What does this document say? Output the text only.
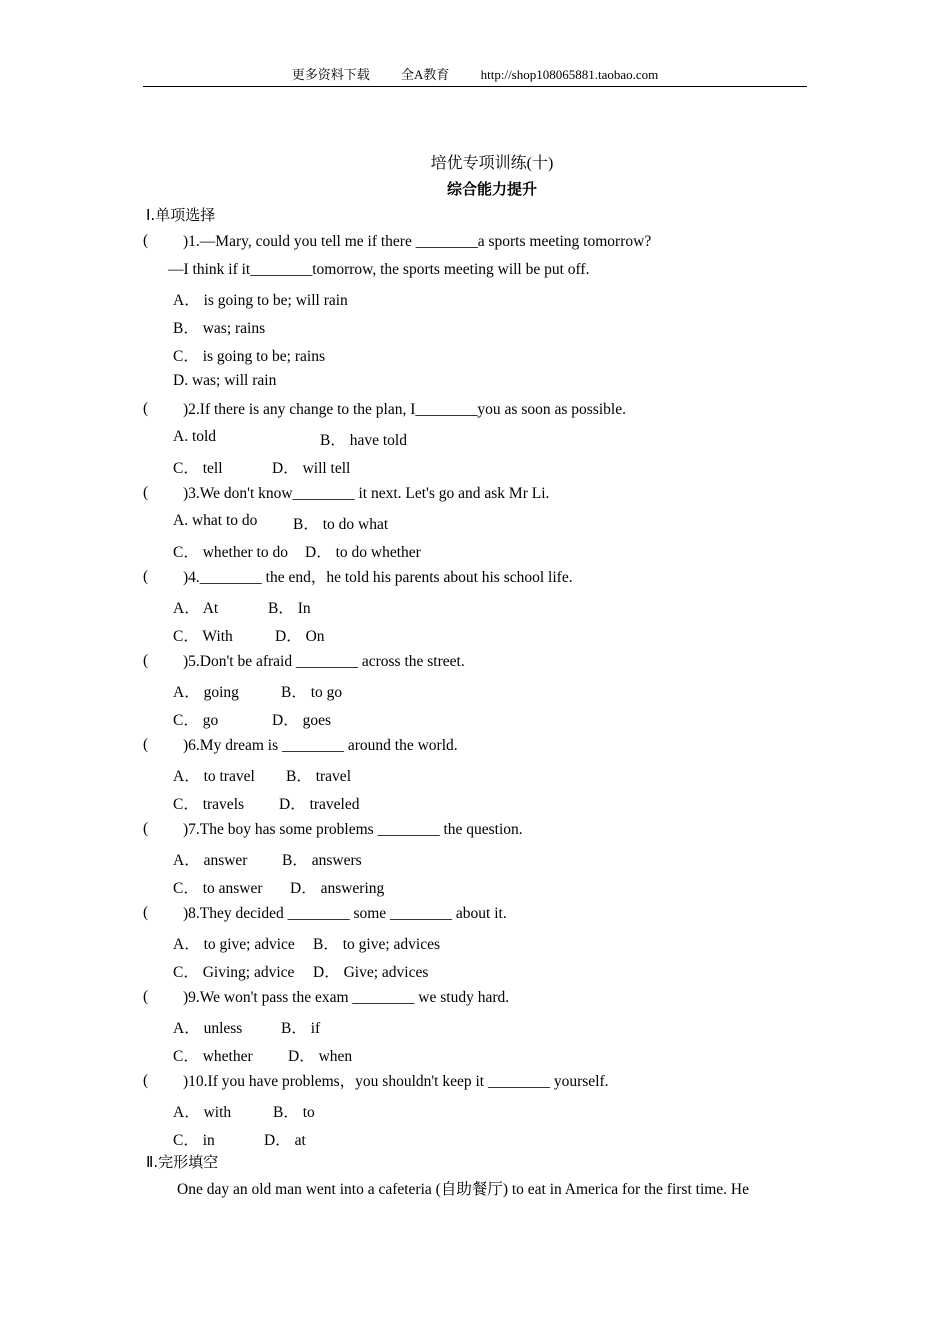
更多资料下载 全A教育 http://shop108065881.taobao.com
培优专项训练(十)
综合能力提升
Ⅰ.单项选择
( )1.—Mary, could you tell me if there ________a sports meeting tomorrow?
—I think if it________tomorrow, the sports meeting will be put off.
A． is going to be; will rain
B． was; rains
C． is going to be; rains
D. was; will rain
( )2.If there is any change to the plan, I________you as soon as possible.
A. told	B． have told
C． tell	D． will tell
( )3.We don't know________ it next. Let's go and ask Mr Li.
A. what to do B． to do what
C． whether to do D． to do whether
( )4.________ the end，he told his parents about his school life.
A． At	B． In
C． With	D． On
( )5.Don't be afraid ________ across the street.
A． going	B． to go
C． go	D． goes
( )6.My dream is ________ around the world.
A． to travel B． travel
C． travels D． traveled
( )7.The boy has some problems ________ the question.
A． answer B． answers
C． to answer D． answering
( )8.They decided ________ some ________ about it.
A． to give; advice B． to give; advices
C． Giving; advice D． Give; advices
( )9.We won't pass the exam ________ we study hard.
A． unless B． if
C． whether D． when
( )10.If you have problems，you shouldn't keep it ________ yourself.
A． with	B． to
C． in	D． at
Ⅱ.完形填空
One day an old man went into a cafeteria (自助餐厅) to eat in America for the first time. He
